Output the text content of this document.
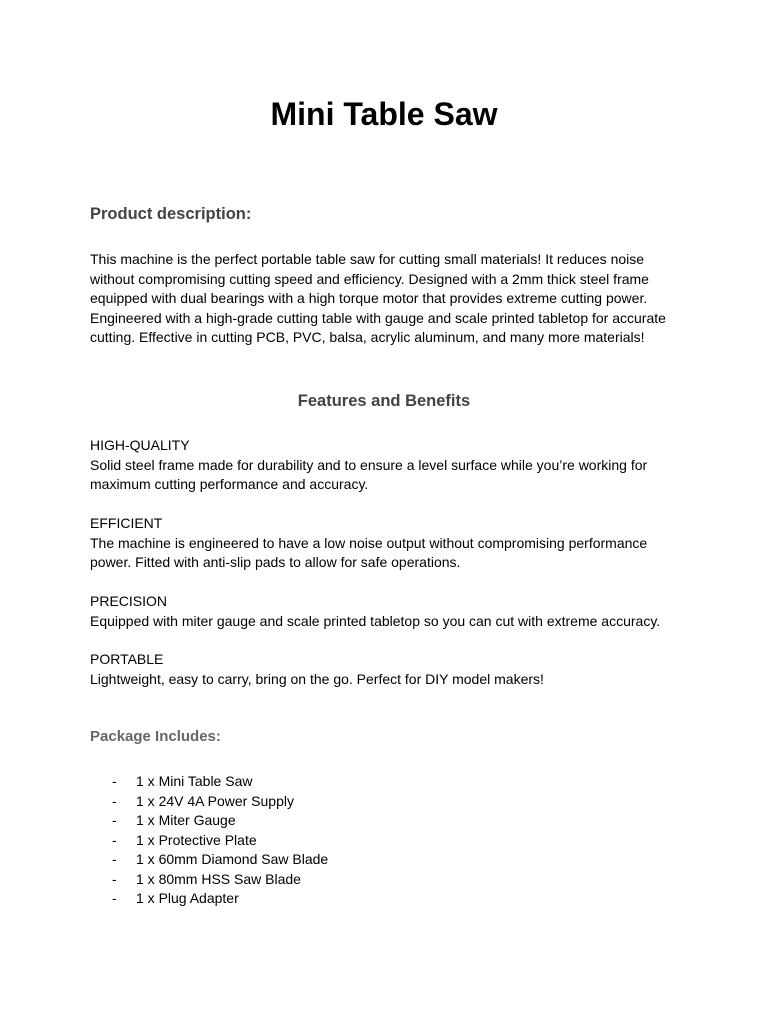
Mini Table Saw
Product description:

This machine is the perfect portable table saw for cutting small materials! It reduces noise without compromising cutting speed and efficiency. Designed with a 2mm thick steel frame equipped with dual bearings with a high torque motor that provides extreme cutting power. Engineered with a high-grade cutting table with gauge and scale printed tabletop for accurate cutting. Effective in cutting PCB, PVC, balsa, acrylic aluminum, and many more materials!

Features and Benefits

HIGH-QUALITY

Solid steel frame made for durability and to ensure a level surface while you’re working for maximum cutting performance and accuracy.

EFFICIENT

The machine is engineered to have a low noise output without compromising performance power. Fitted with anti-slip pads to allow for safe operations.

PRECISION

Equipped with miter gauge and scale printed tabletop so you can cut with extreme accuracy.

PORTABLE

Lightweight, easy to carry, bring on the go. Perfect for DIY model makers!

Package Includes:
- 1 x Mini Table Saw
- 1 x 24V 4A Power Supply
- 1 x Miter Gauge
- 1 x Protective Plate
- 1 x 60mm Diamond Saw Blade
- 1 x 80mm HSS Saw Blade
- 1 x Plug Adapter
